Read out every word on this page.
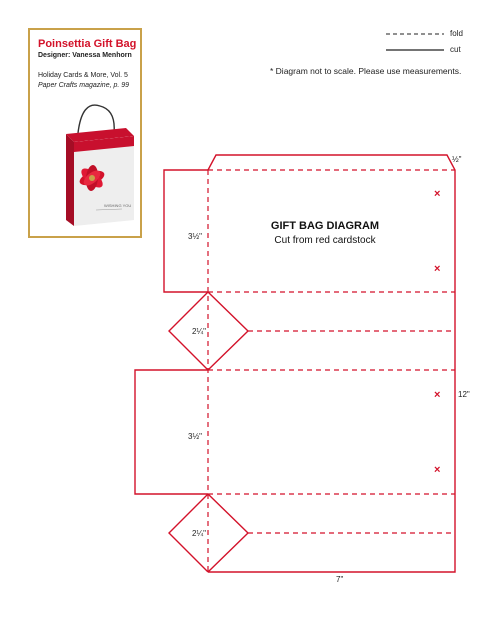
Poinsettia Gift Bag
Designer: Vanessa Menhorn
Holiday Cards & More, Vol. 5
Paper Crafts magazine, p. 99
WISHING YOU
fold
cut
* Diagram not to scale. Please use measurements.
GIFT BAG DIAGRAM
Cut from red cardstock
½"
3½"
2¼"
12"
3½"
2¼"
7"
×
×
×
×
